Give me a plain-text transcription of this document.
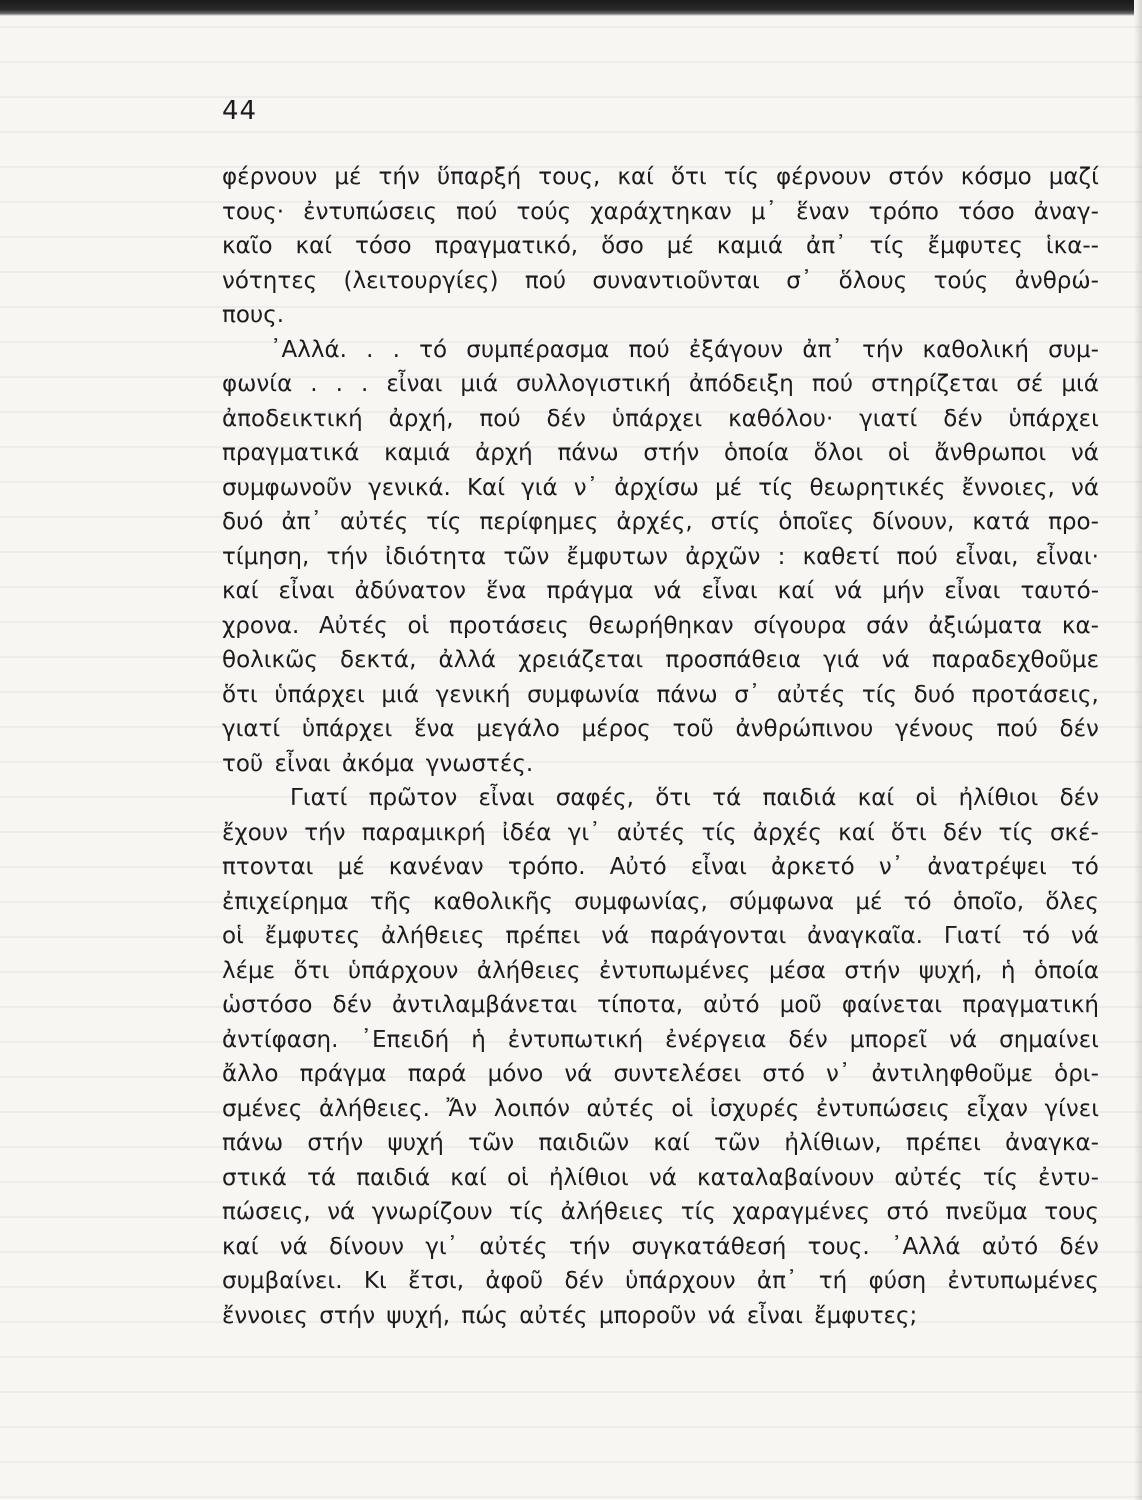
44
φέρνουν μέ τήν ὕπαρξή τους, καί ὅτι τίς φέρνουν στόν κόσμο μαζί
τους· ἐντυπώσεις πού τούς χαράχτηκαν μ᾽ ἕναν τρόπο τόσο ἀναγ-
καῖο καί τόσο πραγματικό, ὅσο μέ καμιά ἀπ᾽ τίς ἔμφυτες ἱκα--
νότητες (λειτουργίες) πού συναντιοῦνται σ᾽ ὅλους τούς ἀνθρώ-
πους.
᾽Αλλά. . . τό συμπέρασμα πού ἐξάγουν ἀπ᾽ τήν καθολική συμ-
φωνία . . . εἶναι μιά συλλογιστική ἀπόδειξη πού στηρίζεται σέ μιά
ἀποδεικτική ἀρχή, πού δέν ὑπάρχει καθόλου· γιατί δέν ὑπάρχει
πραγματικά καμιά ἀρχή πάνω στήν ὁποία ὅλοι οἱ ἄνθρωποι νά
συμφωνοῦν γενικά. Καί γιά ν᾽ ἀρχίσω μέ τίς θεωρητικές ἔννοιες, νά
δυό ἀπ᾽ αὐτές τίς περίφημες ἀρχές, στίς ὁποῖες δίνουν, κατά προ-
τίμηση, τήν ἰδιότητα τῶν ἔμφυτων ἀρχῶν : καθετί πού εἶναι, εἶναι·
καί εἶναι ἀδύνατον ἕνα πράγμα νά εἶναι καί νά μήν εἶναι ταυτό-
χρονα. Αὐτές οἱ προτάσεις θεωρήθηκαν σίγουρα σάν ἀξιώματα κα-
θολικῶς δεκτά, ἀλλά χρειάζεται προσπάθεια γιά νά παραδεχθοῦμε
ὅτι ὑπάρχει μιά γενική συμφωνία πάνω σ᾽ αὐτές τίς δυό προτάσεις,
γιατί ὑπάρχει ἕνα μεγάλο μέρος τοῦ ἀνθρώπινου γένους πού δέν
τοῦ εἶναι ἀκόμα γνωστές.
Γιατί πρῶτον εἶναι σαφές, ὅτι τά παιδιά καί οἱ ἠλίθιοι δέν
ἔχουν τήν παραμικρή ἰδέα γι᾽ αὐτές τίς ἀρχές καί ὅτι δέν τίς σκέ-
πτονται μέ κανέναν τρόπο. Αὐτό εἶναι ἀρκετό ν᾽ ἀνατρέψει τό
ἐπιχείρημα τῆς καθολικῆς συμφωνίας, σύμφωνα μέ τό ὁποῖο, ὅλες
οἱ ἔμφυτες ἀλήθειες πρέπει νά παράγονται ἀναγκαῖα. Γιατί τό νά
λέμε ὅτι ὑπάρχουν ἀλήθειες ἐντυπωμένες μέσα στήν ψυχή, ἡ ὁποία
ὡστόσο δέν ἀντιλαμβάνεται τίποτα, αὐτό μοῦ φαίνεται πραγματική
ἀντίφαση. ᾽Επειδή ἡ ἐντυπωτική ἐνέργεια δέν μπορεῖ νά σημαίνει
ἄλλο πράγμα παρά μόνο νά συντελέσει στό ν᾽ ἀντιληφθοῦμε ὁρι-
σμένες ἀλήθειες. Ἄν λοιπόν αὐτές οἱ ἰσχυρές ἐντυπώσεις εἶχαν γίνει
πάνω στήν ψυχή τῶν παιδιῶν καί τῶν ἠλίθιων, πρέπει ἀναγκα-
στικά τά παιδιά καί οἱ ἠλίθιοι νά καταλαβαίνουν αὐτές τίς ἐντυ-
πώσεις, νά γνωρίζουν τίς ἀλήθειες τίς χαραγμένες στό πνεῦμα τους
καί νά δίνουν γι᾽ αὐτές τήν συγκατάθεσή τους. ᾽Αλλά αὐτό δέν
συμβαίνει. Κι ἔτσι, ἀφοῦ δέν ὑπάρχουν ἀπ᾽ τή φύση ἐντυπωμένες
ἔννοιες στήν ψυχή, πώς αὐτές μποροῦν νά εἶναι ἔμφυτες;
